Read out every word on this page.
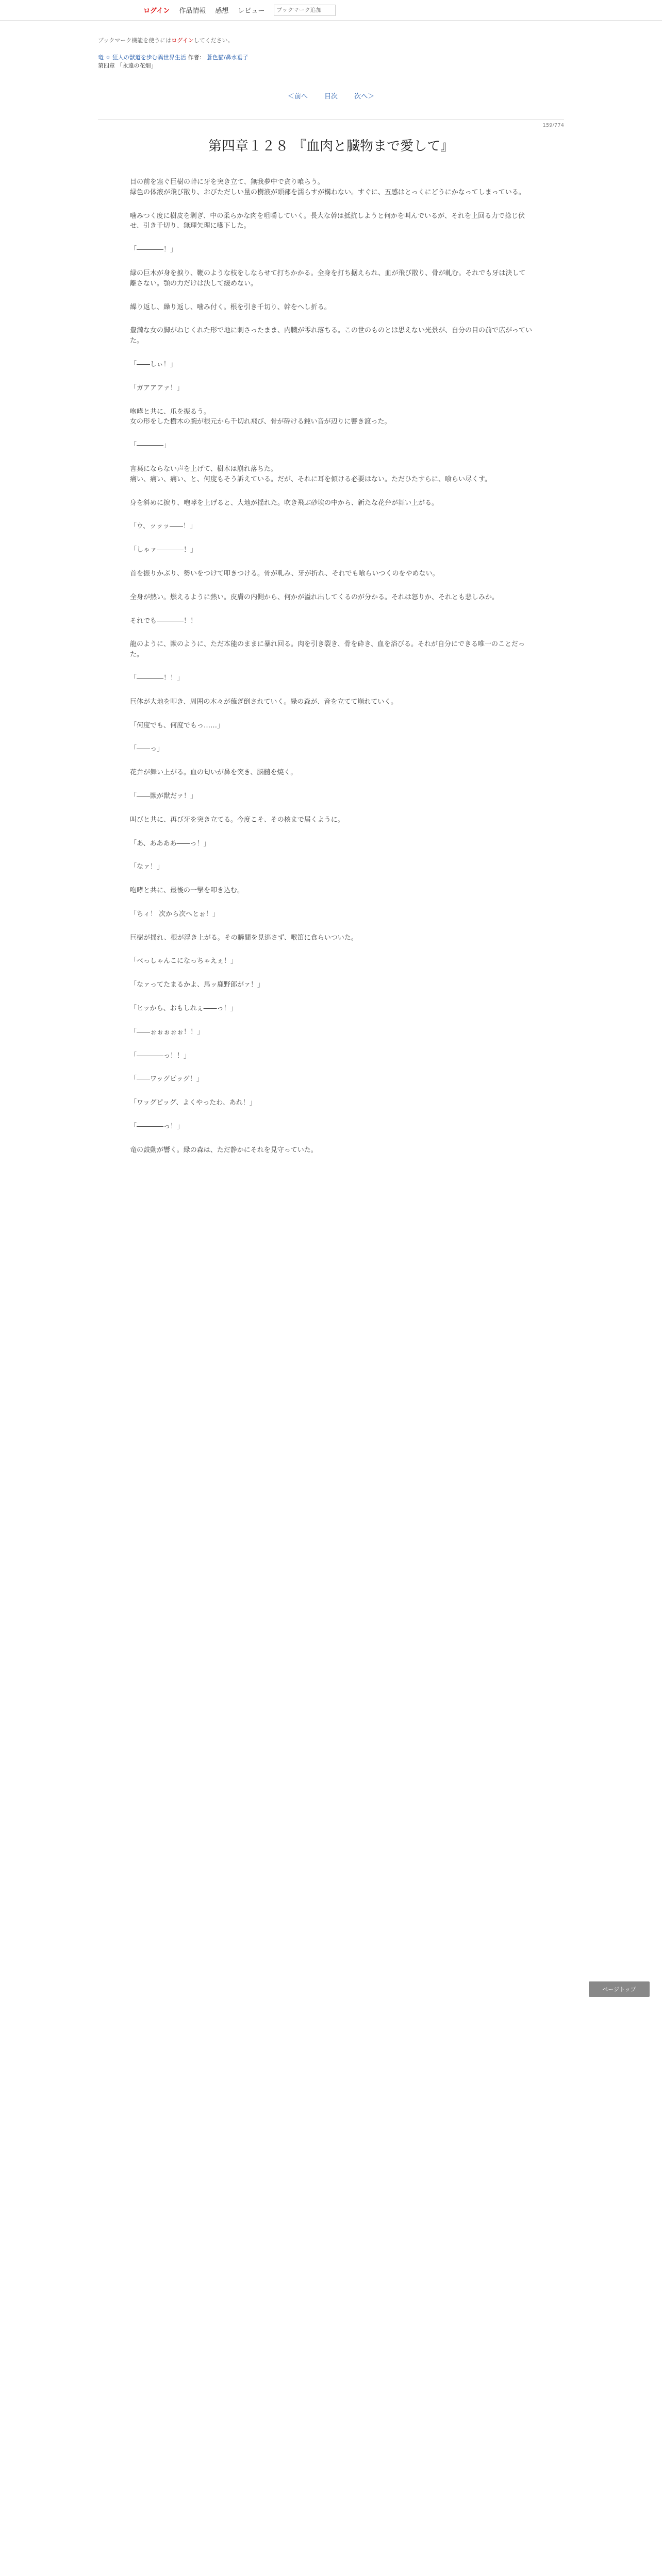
ログイン 作品情報 感想 レビュー
ブックマーク追加
ブックマーク機能を使うにはログインしてください。
竜 ☆ 狂人の獣道を歩む異世界生活 作者： 蒼色猫/鼻水垂子
第四章 「永遠の花畑」
＜前へ 目次 次へ＞
159/774
第四章１２８ 『血肉と臓物まで愛して』

目の前を塞ぐ巨樹の幹に牙を突き立て、無我夢中で貪り喰らう。
緑色の体液が飛び散り、おびただしい量の樹液が頭部を濡らすが構わない。すぐに、五感はとっくにどうにかなってしまっている。

噛みつく度に樹皮を剥ぎ、中の柔らかな肉を咀嚼していく。長大な幹は抵抗しようと何かを叫んでいるが、それを上回る力で捻じ伏せ、引き千切り、無理矢理に嚥下した。

「――――！」

緑の巨木が身を捩り、鞭のような枝をしならせて打ちかかる。全身を打ち据えられ、血が飛び散り、骨が軋む。それでも牙は決して離さない。顎の力だけは決して緩めない。

繰り返し、繰り返し、噛み付く。根を引き千切り、幹をへし折る。

豊満な女の脚がねじくれた形で地に刺さったまま、内臓が零れ落ちる。この世のものとは思えない光景が、自分の目の前で広がっていた。

「――しぃ！」

「ガアアアァ！」

咆哮と共に、爪を振るう。
女の形をした樹木の腕が根元から千切れ飛び、骨が砕ける鈍い音が辺りに響き渡った。

「――――」

言葉にならない声を上げて、樹木は崩れ落ちた。
痛い、痛い、痛い、と、何度もそう訴えている。だが、それに耳を傾ける必要はない。ただひたすらに、喰らい尽くす。

身を斜めに捩り、咆哮を上げると、大地が揺れた。吹き飛ぶ砂埃の中から、新たな花弁が舞い上がる。

「ウ、ッッッ――！」

「しゃァ――――！」

首を振りかぶり、勢いをつけて叩きつける。骨が軋み、牙が折れ、それでも喰らいつくのをやめない。

全身が熱い。燃えるように熱い。皮膚の内側から、何かが溢れ出してくるのが分かる。それは怒りか、それとも悲しみか。

それでも――――！！

龍のように、獣のように、ただ本能のままに暴れ回る。肉を引き裂き、骨を砕き、血を浴びる。それが自分にできる唯一のことだった。

「――――！！」

巨体が大地を叩き、周囲の木々が薙ぎ倒されていく。緑の森が、音を立てて崩れていく。

「何度でも、何度でもっ……」

「――っ」

花弁が舞い上がる。血の匂いが鼻を突き、脳髄を焼く。

「――獣が獣だァ！」

叫びと共に、再び牙を突き立てる。今度こそ、その核まで届くように。

「あ、ああああ――っ！」

「なァ！」

咆哮と共に、最後の一撃を叩き込む。

「ちィ！ 次から次へとぉ！」

巨樹が揺れ、根が浮き上がる。その瞬間を見逃さず、喉笛に食らいついた。

「べっしゃんこになっちゃえぇ！」

「なァってたまるかよ、馬ッ鹿野郎がァ！」

「ヒッから、おもしれぇ――っ！」

「――ぉぉぉぉぉ！！」

「――――っ！！」

「――ワッグピッグ！」

「ワッグピッグ、よくやったわ、あれ！」

「――――っ！」

竜の鼓動が響く。緑の森は、ただ静かにそれを見守っていた。

ページトップ
